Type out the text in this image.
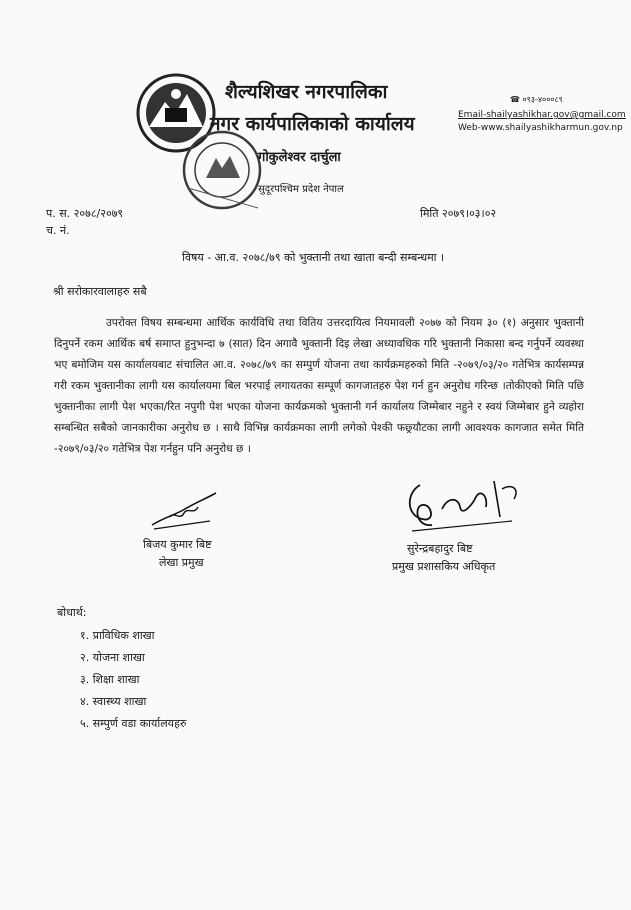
शैल्यशिखर नगरपालिका
नगर कार्यपालिकाको कार्यालय
गोकुलेश्वर दार्चुला
सुदूरपश्चिम प्रदेश नेपाल
☎ ०९३-४०००८९
Email-shailyashikhar.gov@gmail.com
Web-www.shailyashikharmun.gov.np
प. स. २०७८/२०७९
च. नं.
मिति २०७९।०३।०२
विषय - आ.व. २०७८/७९ को भुक्तानी तथा खाता बन्दी सम्बन्धमा ।
श्री सरोकारवालाहरु सबै

उपरोक्त विषय सम्बन्धमा आर्थिक कार्यविधि तथा वितिय उत्तरदायित्व नियमावली २०७७ को नियम ३० (१) अनुसार भुक्तानी दिनुपर्ने रकम आर्थिक बर्ष समाप्त हुनुभन्दा ७ (सात) दिन अगावै भुक्तानी दिइ लेखा अध्यावधिक गरि भुक्तानी निकासा बन्द गर्नुपर्ने व्यवस्था भए बमोजिम यस कार्यालयबाट संचालित आ.व. २०७८/७९ का सम्पुर्ण योजना तथा कार्यक्रमहरुको मिति -२०७९/०३/२० गतेभित्र कार्यसम्पन्न गरी रकम भुक्तानीका लागी यस कार्यालयमा बिल भरपाई लगायतका सम्पूर्ण कागजातहरु पेश गर्न हुन अनुरोध गरिन्छ ।तोकीएको मिति पछि भुक्तानीका लागी पेश भएका/रित नपुगी पेश भएका योजना कार्यक्रमको भुक्तानी गर्न कार्यालय जिम्मेबार नहुने र स्वयं जिम्मेबार हुने व्यहोरा सम्बन्धित सबैको जानकारीका अनुरोध छ । साथै विभिन्न कार्यक्रमका लागी लगेको पेश्की फछ्र्यौटका लागी आवश्यक कागजात समेत मिति -२०७९/०३/२० गतेभित्र पेश गर्नहुन पनि अनुरोध छ ।

बिजय कुमार बिष्ट
लेखा प्रमुख
सुरेन्द्रबहादुर बिष्ट
प्रमुख प्रशासकिय अधिकृत
बोधार्थ:
१. प्राविधिक शाखा
२. योजना शाखा
३. शिक्षा शाखा
४. स्वास्थ्य शाखा
५. सम्पुर्ण वडा कार्यालयहरु
